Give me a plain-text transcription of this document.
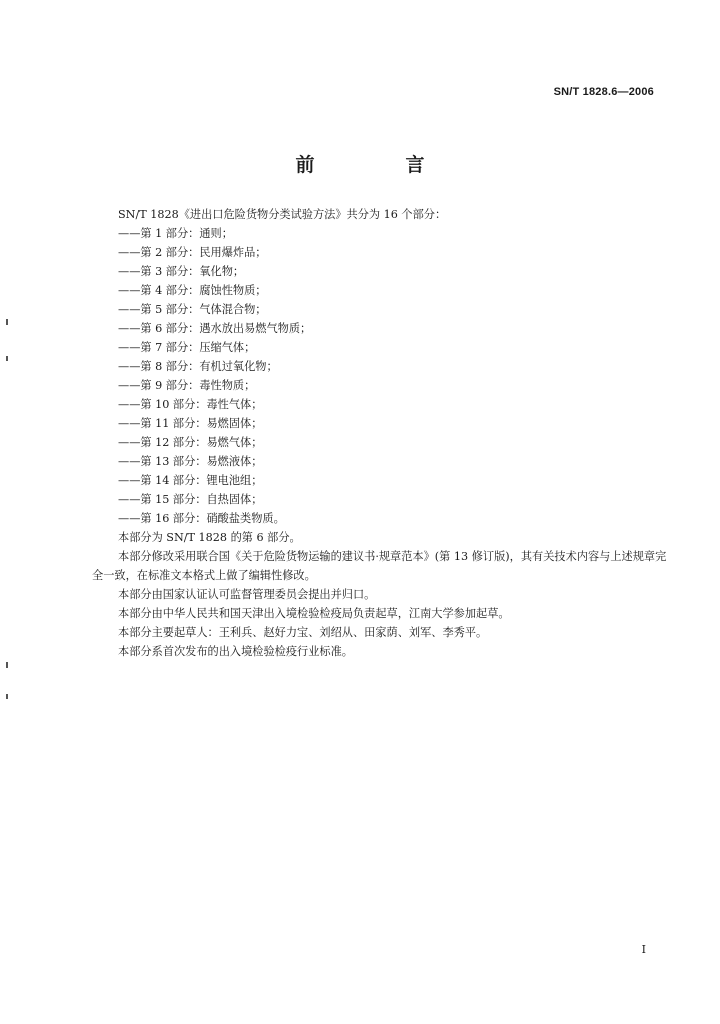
SN/T 1828.6—2006
前　言
SN/T 1828《进出口危险货物分类试验方法》共分为 16 个部分：
——第 1 部分：通则；
——第 2 部分：民用爆炸品；
——第 3 部分：氧化物；
——第 4 部分：腐蚀性物质；
——第 5 部分：气体混合物；
——第 6 部分：遇水放出易燃气物质；
——第 7 部分：压缩气体；
——第 8 部分：有机过氧化物；
——第 9 部分：毒性物质；
——第 10 部分：毒性气体；
——第 11 部分：易燃固体；
——第 12 部分：易燃气体；
——第 13 部分：易燃液体；
——第 14 部分：锂电池组；
——第 15 部分：自热固体；
——第 16 部分：硝酸盐类物质。

本部分为 SN/T 1828 的第 6 部分。

本部分修改采用联合国《关于危险货物运输的建议书·规章范本》(第 13 修订版)，其有关技术内容与上述规章完全一致，在标准文本格式上做了编辑性修改。

本部分由国家认证认可监督管理委员会提出并归口。

本部分由中华人民共和国天津出入境检验检疫局负责起草，江南大学参加起草。

本部分主要起草人：王利兵、赵好力宝、刘绍从、田家荫、刘军、李秀平。

本部分系首次发布的出入境检验检疫行业标准。

I
